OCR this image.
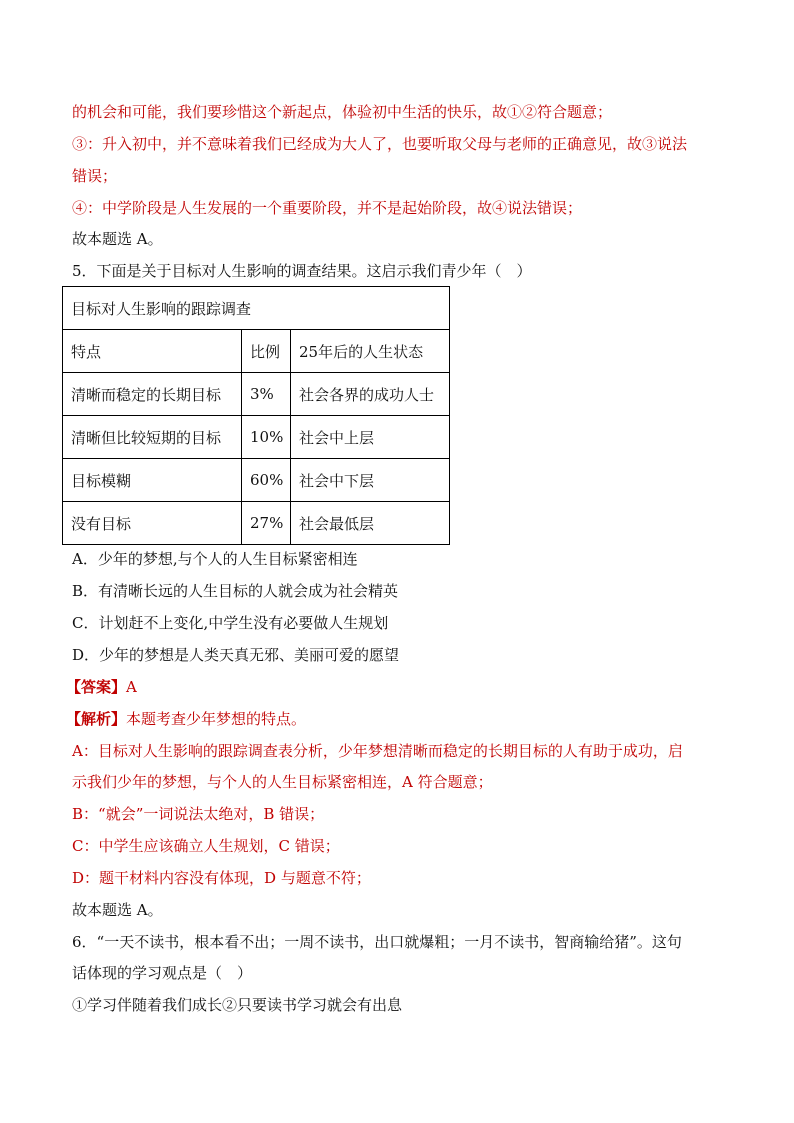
的机会和可能，我们要珍惜这个新起点，体验初中生活的快乐，故①②符合题意；
③：升入初中，并不意味着我们已经成为大人了，也要听取父母与老师的正确意见，故③说法
错误；
④：中学阶段是人生发展的一个重要阶段，并不是起始阶段，故④说法错误；
故本题选 A。
5．下面是关于目标对人生影响的调查结果。这启示我们青少年（　）
目标对人生影响的跟踪调查		
特点	比例	25年后的人生状态
清晰而稳定的长期目标	3%	社会各界的成功人士
清晰但比较短期的目标	10%	社会中上层
目标模糊	60%	社会中下层
没有目标	27%	社会最低层
A．少年的梦想,与个人的人生目标紧密相连
B．有清晰长远的人生目标的人就会成为社会精英
C．计划赶不上变化,中学生没有必要做人生规划
D．少年的梦想是人类天真无邪、美丽可爱的愿望
【答案】A
【解析】本题考查少年梦想的特点。
A：目标对人生影响的跟踪调查表分析，少年梦想清晰而稳定的长期目标的人有助于成功，启
示我们少年的梦想，与个人的人生目标紧密相连，A 符合题意；
B：“就会”一词说法太绝对，B 错误；
C：中学生应该确立人生规划，C 错误；
D：题干材料内容没有体现，D 与题意不符；
故本题选 A。
6．“一天不读书，根本看不出；一周不读书，出口就爆粗；一月不读书，智商输给猪”。这句
话体现的学习观点是（　）
①学习伴随着我们成长②只要读书学习就会有出息
